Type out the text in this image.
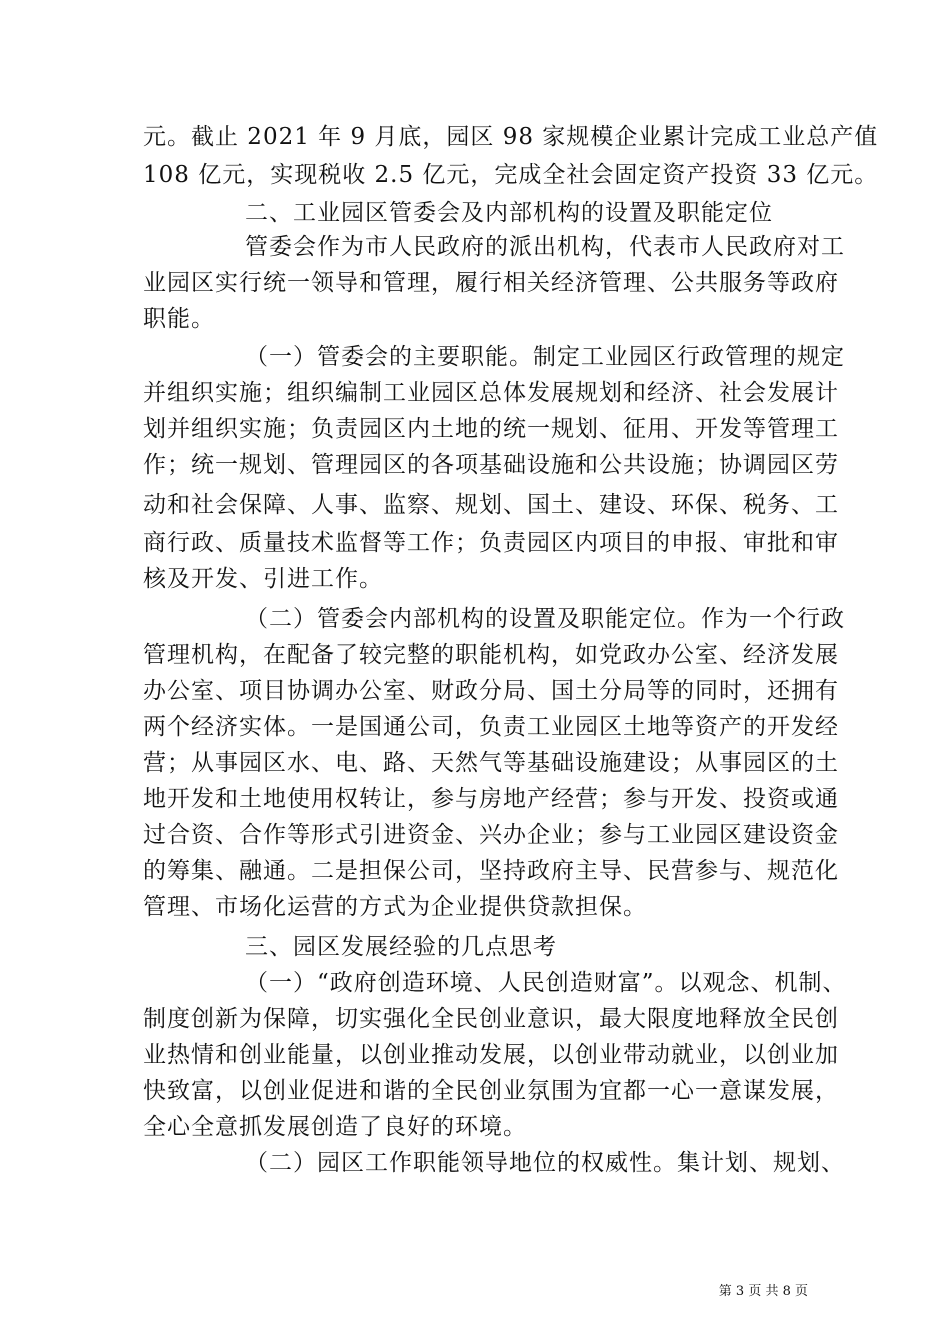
元。截止 2021 年 9 月底，园区 98 家规模企业累计完成工业总产值
108 亿元，实现税收 2.5 亿元，完成全社会固定资产投资 33 亿元。
二、工业园区管委会及内部机构的设置及职能定位
管委会作为市人民政府的派出机构，代表市人民政府对工
业园区实行统一领导和管理，履行相关经济管理、公共服务等政府
职能。
（一）管委会的主要职能。制定工业园区行政管理的规定
并组织实施；组织编制工业园区总体发展规划和经济、社会发展计
划并组织实施；负责园区内土地的统一规划、征用、开发等管理工
作；统一规划、管理园区的各项基础设施和公共设施；协调园区劳
动和社会保障、人事、监察、规划、国土、建设、环保、税务、工
商行政、质量技术监督等工作；负责园区内项目的申报、审批和审
核及开发、引进工作。
（二）管委会内部机构的设置及职能定位。作为一个行政
管理机构，在配备了较完整的职能机构，如党政办公室、经济发展
办公室、项目协调办公室、财政分局、国土分局等的同时，还拥有
两个经济实体。一是国通公司，负责工业园区土地等资产的开发经
营；从事园区水、电、路、天然气等基础设施建设；从事园区的土
地开发和土地使用权转让，参与房地产经营；参与开发、投资或通
过合资、合作等形式引进资金、兴办企业；参与工业园区建设资金
的筹集、融通。二是担保公司，坚持政府主导、民营参与、规范化
管理、市场化运营的方式为企业提供贷款担保。
三、园区发展经验的几点思考
（一）“政府创造环境、人民创造财富”。以观念、机制、
制度创新为保障，切实强化全民创业意识，最大限度地释放全民创
业热情和创业能量，以创业推动发展，以创业带动就业，以创业加
快致富，以创业促进和谐的全民创业氛围为宜都一心一意谋发展，
全心全意抓发展创造了良好的环境。
（二）园区工作职能领导地位的权威性。集计划、规划、
第 3 页 共 8 页
